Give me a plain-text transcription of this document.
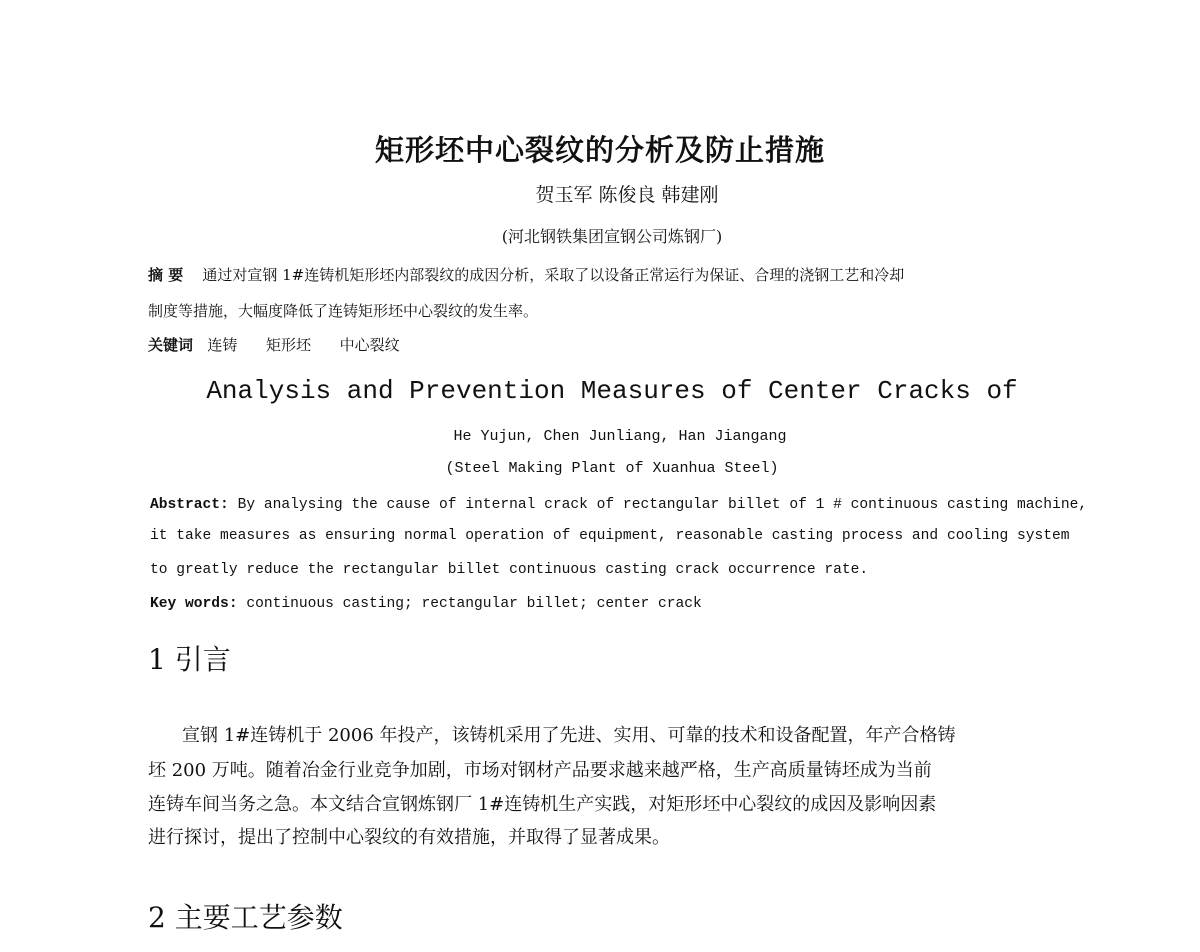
矩形坯中心裂纹的分析及防止措施
贺玉军 陈俊良 韩建刚
(河北钢铁集团宣钢公司炼钢厂)
摘 要 通过对宣钢 1#连铸机矩形坯内部裂纹的成因分析，采取了以设备正常运行为保证、合理的浇钢工艺和冷却
制度等措施，大幅度降低了连铸矩形坯中心裂纹的发生率。
关键词 连铸 矩形坯 中心裂纹
Analysis and Prevention Measures of Center Cracks of
He Yujun, Chen Junliang, Han Jiangang
(Steel Making Plant of Xuanhua Steel)
Abstract: By analysing the cause of internal crack of rectangular billet of 1 # continuous casting machine,
it take measures as ensuring normal operation of equipment, reasonable casting process and cooling system
to greatly reduce the rectangular billet continuous casting crack occurrence rate.
Key words: continuous casting; rectangular billet; center crack
1 引言
宣钢 1#连铸机于 2006 年投产，该铸机采用了先进、实用、可靠的技术和设备配置，年产合格铸
坯 200 万吨。随着冶金行业竞争加剧，市场对钢材产品要求越来越严格，生产高质量铸坯成为当前
连铸车间当务之急。本文结合宣钢炼钢厂 1#连铸机生产实践，对矩形坯中心裂纹的成因及影响因素
进行探讨，提出了控制中心裂纹的有效措施，并取得了显著成果。
2 主要工艺参数
